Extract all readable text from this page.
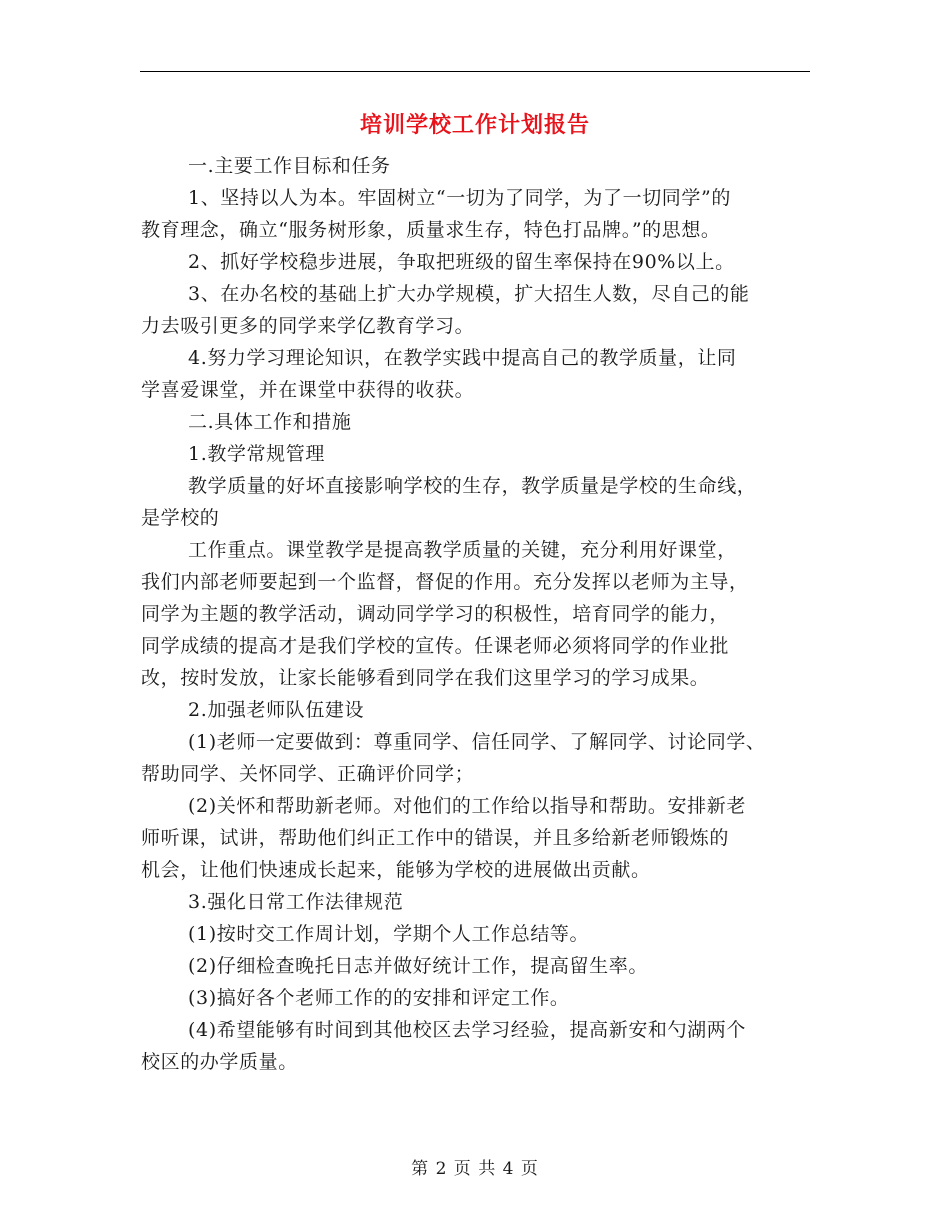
培训学校工作计划报告
一.主要工作目标和任务
1、坚持以人为本。牢固树立“一切为了同学，为了一切同学”的
教育理念，确立“服务树形象，质量求生存，特色打品牌。”的思想。
2、抓好学校稳步进展，争取把班级的留生率保持在90%以上。
3、在办名校的基础上扩大办学规模，扩大招生人数，尽自己的能
力去吸引更多的同学来学亿教育学习。
4.努力学习理论知识，在教学实践中提高自己的教学质量，让同
学喜爱课堂，并在课堂中获得的收获。
二.具体工作和措施
1.教学常规管理
教学质量的好坏直接影响学校的生存，教学质量是学校的生命线，
是学校的
工作重点。课堂教学是提高教学质量的关键，充分利用好课堂，
我们内部老师要起到一个监督，督促的作用。充分发挥以老师为主导，
同学为主题的教学活动，调动同学学习的积极性，培育同学的能力，
同学成绩的提高才是我们学校的宣传。任课老师必须将同学的作业批
改，按时发放，让家长能够看到同学在我们这里学习的学习成果。
2.加强老师队伍建设
(1)老师一定要做到：尊重同学、信任同学、了解同学、讨论同学、
帮助同学、关怀同学、正确评价同学；
(2)关怀和帮助新老师。对他们的工作给以指导和帮助。安排新老
师听课，试讲，帮助他们纠正工作中的错误，并且多给新老师锻炼的
机会，让他们快速成长起来，能够为学校的进展做出贡献。
3.强化日常工作法律规范
(1)按时交工作周计划，学期个人工作总结等。
(2)仔细检查晚托日志并做好统计工作，提高留生率。
(3)搞好各个老师工作的的安排和评定工作。
(4)希望能够有时间到其他校区去学习经验，提高新安和勺湖两个
校区的办学质量。
第 2 页 共 4 页
